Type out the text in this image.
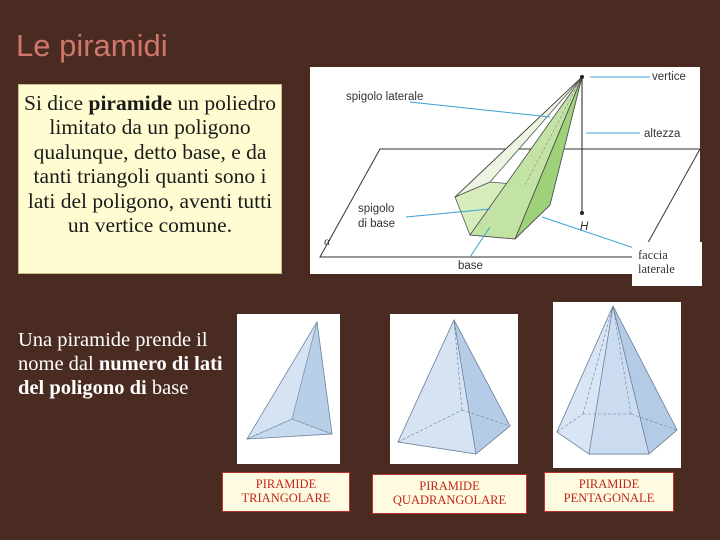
Le piramidi
Si dice piramide un poliedro limitato da un poligono qualunque, detto base, e da tanti triangoli quanti sono i lati del poligono, aventi tutti un vertice comune.
vertice
spigolo laterale
altezza
spigolo
di base	H
α
base
faccia
laterale
Una piramide prende il nome dal numero di lati del poligono di base
PIRAMIDE
TRIANGOLARE
PIRAMIDE
QUADRANGOLARE
PIRAMIDE
PENTAGONALE
